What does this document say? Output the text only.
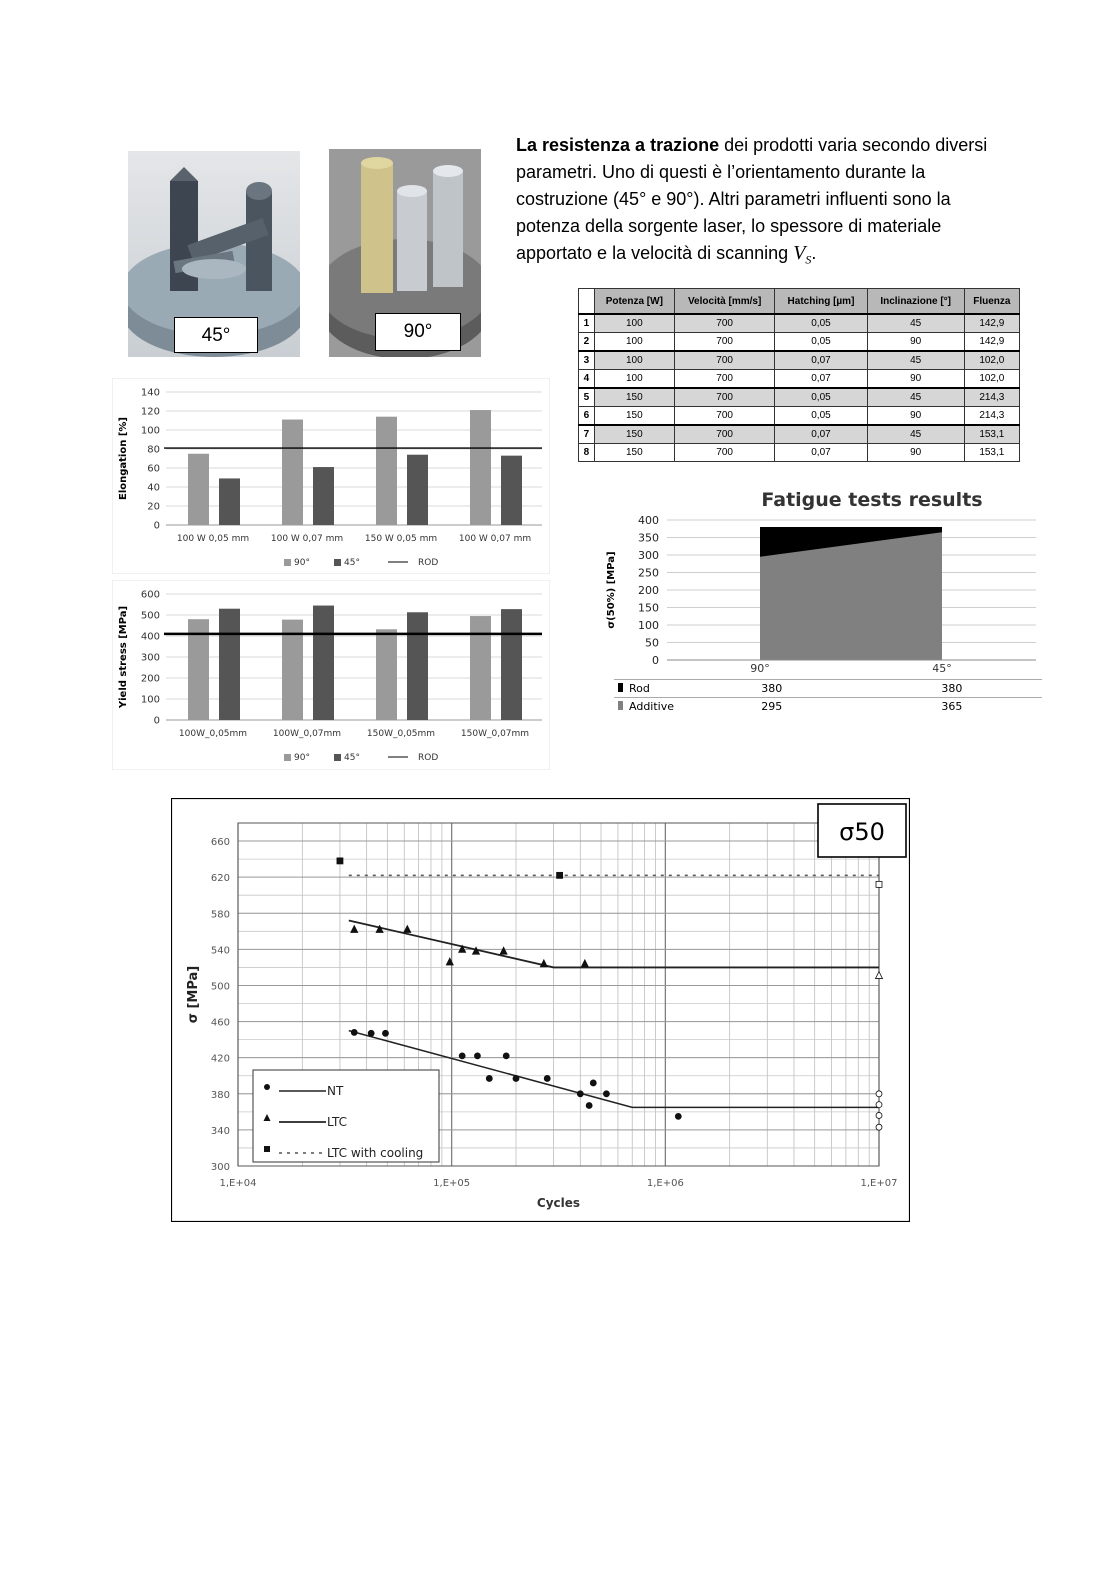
La resistenza a trazione dei prodotti varia secondo diversi parametri. Uno di questi è l’orientamento durante la costruzione (45° e 90°). Altri parametri influenti sono la potenza della sorgente laser, lo spessore di materiale apportato e la velocità di scanning $V_S$.
45°	90°
	Potenza [W]	Velocità [mm/s]	Hatching [µm]	Inclinazione [°]	Fluenza
1	100	700	0,05	45	142,9
2	100	700	0,05	90	142,9
3	100	700	0,07	45	102,0
4	100	700	0,07	90	102,0
5	150	700	0,05	45	214,3
6	150	700	0,05	90	214,3
7	150	700	0,07	45	153,1
8	150	700	0,07	90	153,1
0
20
40
60
80
100
120
140
Elongation [%]
100 W 0,05 mm 100 W 0,07 mm 150 W 0,05 mm 100 W 0,07 mm
90°	45°	ROD
0
100
200
300
400
500
600
Yield stress [MPa]
100W_0,05mm	100W_0,07mm	150W_0,05mm	150W_0,07mm
90°	45°	ROD
Fatigue tests results
0
50
100
150
200
250
300
350
400
σ(50%) [MPa]
90°	45°
Rod	380	380
Additive	295	365
300
340
380
420
460
500
540
580
620
660
1,E+04	1,E+05	1,E+06	1,E+07
Cycles
σ [MPa]
NT
LTC
LTC with cooling
σ50
